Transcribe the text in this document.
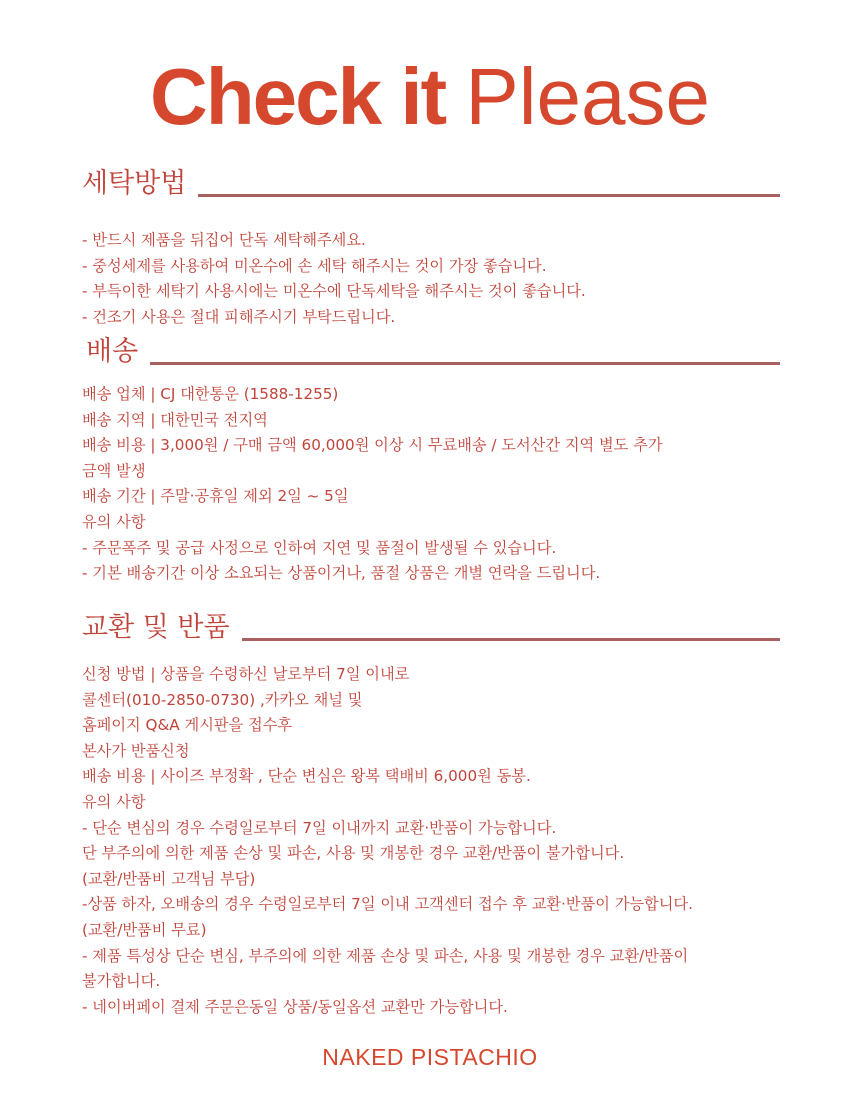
Check it Please
세탁방법
- 반드시 제품을 뒤집어 단독 세탁해주세요.
- 중성세제를 사용하여 미온수에 손 세탁 해주시는 것이 가장 좋습니다.
- 부득이한 세탁기 사용시에는 미온수에 단독세탁을 해주시는 것이 좋습니다.
- 건조기 사용은 절대 피해주시기 부탁드립니다.
배송
배송 업체 | CJ 대한통운 (1588-1255)
배송 지역 | 대한민국 전지역
배송 비용 | 3,000원 / 구매 금액 60,000원 이상 시 무료배송 / 도서산간 지역 별도 추가
금액 발생
배송 기간 | 주말·공휴일 제외 2일 ~ 5일
유의 사항
- 주문폭주 및 공급 사정으로 인하여 지연 및 품절이 발생될 수 있습니다.
- 기본 배송기간 이상 소요되는 상품이거나, 품절 상품은 개별 연락을 드립니다.
교환 및 반품
신청 방법 | 상품을 수령하신 날로부터 7일 이내로
콜센터(010-2850-0730) ,카카오 채널 및
홈페이지 Q&A 게시판을 접수후
본사가 반품신청
배송 비용 | 사이즈 부정확 , 단순 변심은 왕복 택배비 6,000원 동봉.
유의 사항
- 단순 변심의 경우 수령일로부터 7일 이내까지 교환·반품이 가능합니다.
단 부주의에 의한 제품 손상 및 파손, 사용 및 개봉한 경우 교환/반품이 불가합니다.
(교환/반품비 고객님 부담)
-상품 하자, 오배송의 경우 수령일로부터 7일 이내 고객센터 접수 후 교환·반품이 가능합니다.
(교환/반품비 무료)
- 제품 특성상 단순 변심, 부주의에 의한 제품 손상 및 파손, 사용 및 개봉한 경우 교환/반품이
불가합니다.
- 네이버페이 결제 주문은동일 상품/동일옵션 교환만 가능합니다.
NAKED PISTACHIO
